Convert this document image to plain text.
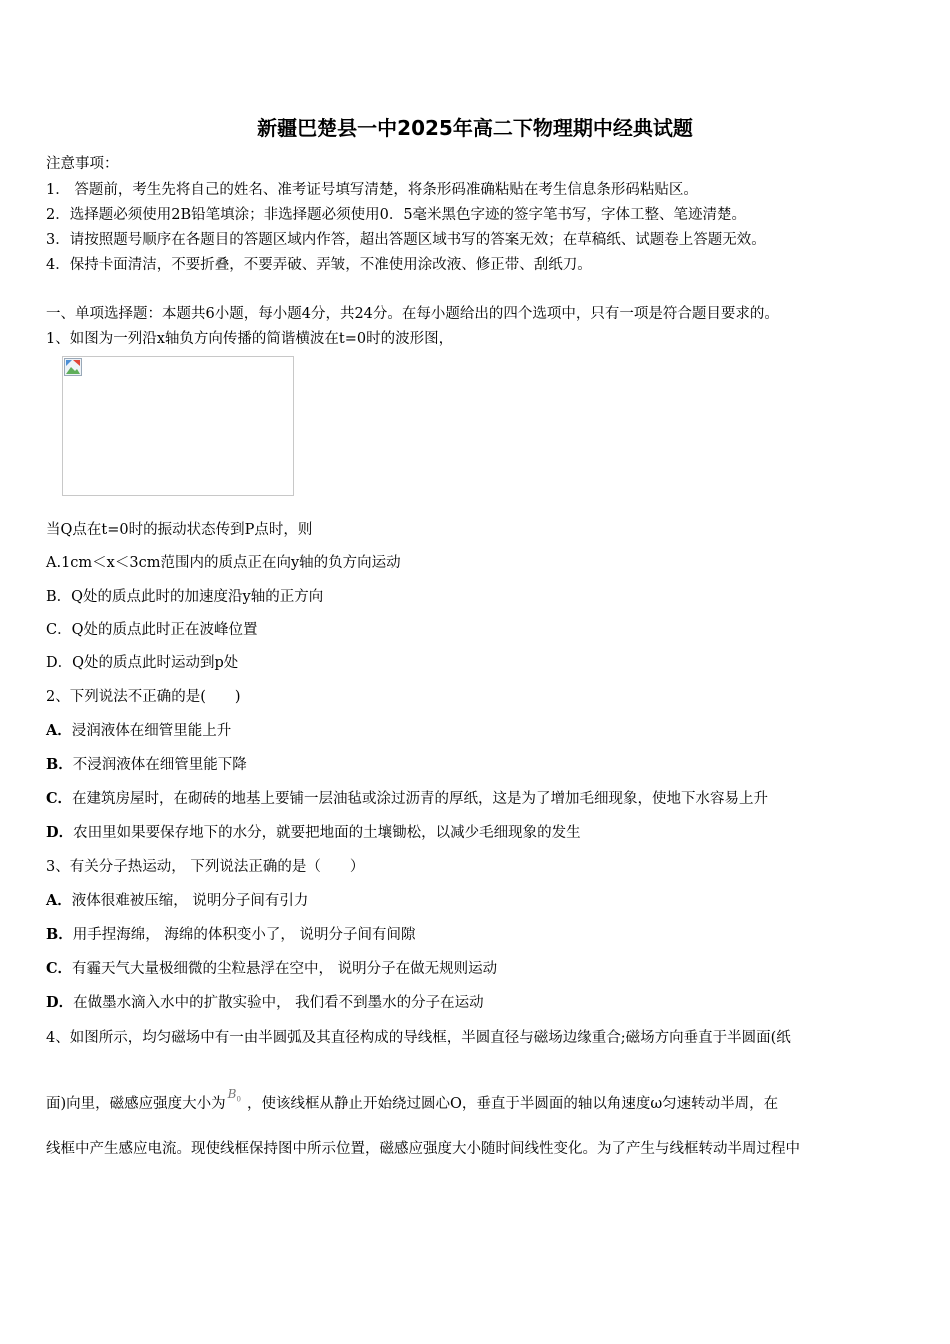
新疆巴楚县一中2025年高二下物理期中经典试题
注意事项：
1． 答题前，考生先将自己的姓名、准考证号填写清楚，将条形码准确粘贴在考生信息条形码粘贴区。
2．选择题必须使用2B铅笔填涂；非选择题必须使用0．5毫米黑色字迹的签字笔书写，字体工整、笔迹清楚。
3．请按照题号顺序在各题目的答题区域内作答，超出答题区域书写的答案无效；在草稿纸、试题卷上答题无效。
4．保持卡面清洁，不要折叠，不要弄破、弄皱，不准使用涂改液、修正带、刮纸刀。
一、单项选择题：本题共6小题，每小题4分，共24分。在每小题给出的四个选项中，只有一项是符合题目要求的。
1、如图为一列沿x轴负方向传播的简谐横波在t=0时的波形图，
当Q点在t=0时的振动状态传到P点时，则
A.1cm＜x＜3cm范围内的质点正在向y轴的负方向运动
B．Q处的质点此时的加速度沿y轴的正方向
C．Q处的质点此时正在波峰位置
D．Q处的质点此时运动到p处
2、下列说法不正确的是(　　)
A．浸润液体在细管里能上升
B．不浸润液体在细管里能下降
C．在建筑房屋时，在砌砖的地基上要铺一层油毡或涂过沥青的厚纸，这是为了增加毛细现象，使地下水容易上升
D．农田里如果要保存地下的水分，就要把地面的土壤锄松，以减少毛细现象的发生
3、有关分子热运动， 下列说法正确的是（　　）
A．液体很难被压缩， 说明分子间有引力
B．用手捏海绵， 海绵的体积变小了， 说明分子间有间隙
C．有霾天气大量极细微的尘粒悬浮在空中， 说明分子在做无规则运动
D．在做墨水滴入水中的扩散实验中， 我们看不到墨水的分子在运动
4、如图所示，均匀磁场中有一由半圆弧及其直径构成的导线框，半圆直径与磁场边缘重合;磁场方向垂直于半圆面(纸
面)向里，磁感应强度大小为$B_0$ ，使该线框从静止开始绕过圆心O，垂直于半圆面的轴以角速度ω匀速转动半周，在
线框中产生感应电流。现使线框保持图中所示位置，磁感应强度大小随时间线性变化。为了产生与线框转动半周过程中
